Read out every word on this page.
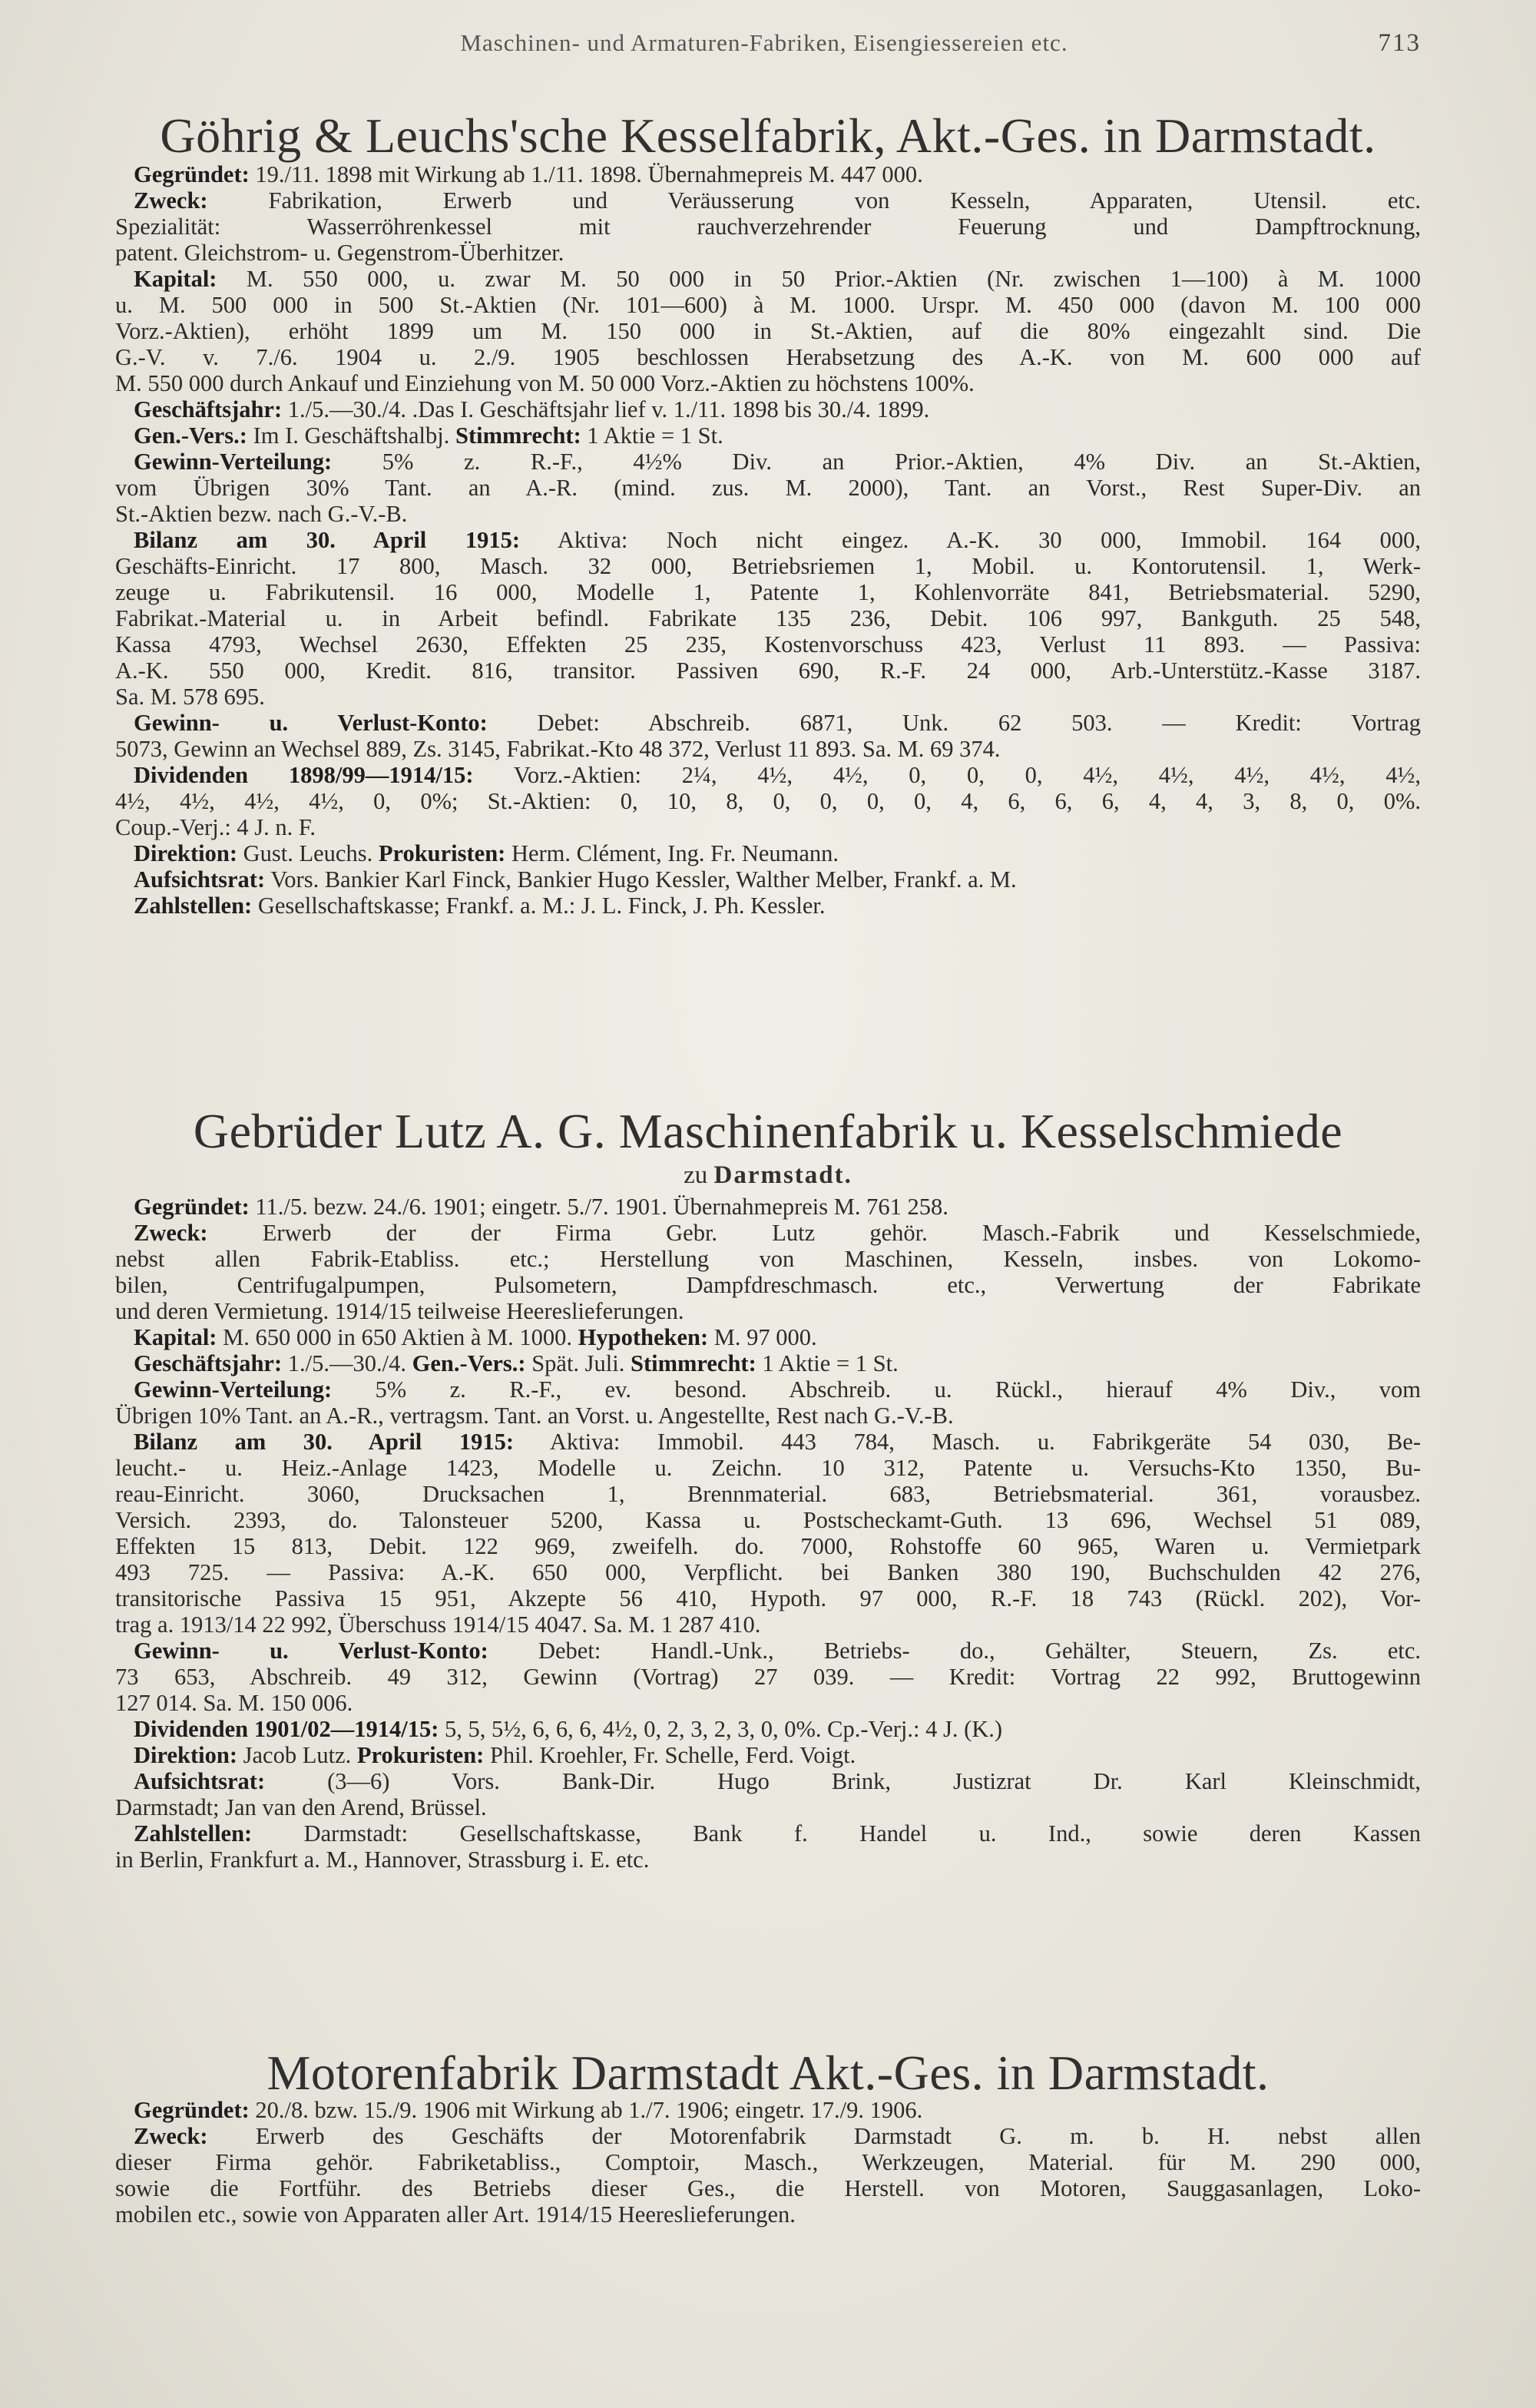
Maschinen- und Armaturen-Fabriken, Eisengiessereien etc.	713
Göhrig & Leuchs'sche Kesselfabrik, Akt.-Ges. in Darmstadt.
Gegründet: 19./11. 1898 mit Wirkung ab 1./11. 1898. Übernahmepreis M. 447 000.
Zweck: Fabrikation, Erwerb und Veräusserung von Kesseln, Apparaten, Utensil. etc.
Spezialität: Wasserröhrenkessel mit rauchverzehrender Feuerung und Dampftrocknung,
patent. Gleichstrom- u. Gegenstrom-Überhitzer.
Kapital: M. 550 000, u. zwar M. 50 000 in 50 Prior.-Aktien (Nr. zwischen 1—100) à M. 1000
u. M. 500 000 in 500 St.-Aktien (Nr. 101—600) à M. 1000. Urspr. M. 450 000 (davon M. 100 000
Vorz.-Aktien), erhöht 1899 um M. 150 000 in St.-Aktien, auf die 80% eingezahlt sind. Die
G.-V. v. 7./6. 1904 u. 2./9. 1905 beschlossen Herabsetzung des A.-K. von M. 600 000 auf
M. 550 000 durch Ankauf und Einziehung von M. 50 000 Vorz.-Aktien zu höchstens 100%.
Geschäftsjahr: 1./5.—30./4. .Das I. Geschäftsjahr lief v. 1./11. 1898 bis 30./4. 1899.
Gen.-Vers.: Im I. Geschäftshalbj. Stimmrecht: 1 Aktie = 1 St.
Gewinn-Verteilung: 5% z. R.-F., 4½% Div. an Prior.-Aktien, 4% Div. an St.-Aktien,
vom Übrigen 30% Tant. an A.-R. (mind. zus. M. 2000), Tant. an Vorst., Rest Super-Div. an
St.-Aktien bezw. nach G.-V.-B.
Bilanz am 30. April 1915: Aktiva: Noch nicht eingez. A.-K. 30 000, Immobil. 164 000,
Geschäfts-Einricht. 17 800, Masch. 32 000, Betriebsriemen 1, Mobil. u. Kontorutensil. 1, Werk-
zeuge u. Fabrikutensil. 16 000, Modelle 1, Patente 1, Kohlenvorräte 841, Betriebsmaterial. 5290,
Fabrikat.-Material u. in Arbeit befindl. Fabrikate 135 236, Debit. 106 997, Bankguth. 25 548,
Kassa 4793, Wechsel 2630, Effekten 25 235, Kostenvorschuss 423, Verlust 11 893. — Passiva:
A.-K. 550 000, Kredit. 816, transitor. Passiven 690, R.-F. 24 000, Arb.-Unterstütz.-Kasse 3187.
Sa. M. 578 695.
Gewinn- u. Verlust-Konto: Debet: Abschreib. 6871, Unk. 62 503. — Kredit: Vortrag
5073, Gewinn an Wechsel 889, Zs. 3145, Fabrikat.-Kto 48 372, Verlust 11 893. Sa. M. 69 374.
Dividenden 1898/99—1914/15: Vorz.-Aktien: 2¼, 4½, 4½, 0, 0, 0, 4½, 4½, 4½, 4½, 4½,
4½, 4½, 4½, 4½, 0, 0%; St.-Aktien: 0, 10, 8, 0, 0, 0, 0, 4, 6, 6, 6, 4, 4, 3, 8, 0, 0%.
Coup.-Verj.: 4 J. n. F.
Direktion: Gust. Leuchs. Prokuristen: Herm. Clément, Ing. Fr. Neumann.
Aufsichtsrat: Vors. Bankier Karl Finck, Bankier Hugo Kessler, Walther Melber, Frankf. a. M.
Zahlstellen: Gesellschaftskasse; Frankf. a. M.: J. L. Finck, J. Ph. Kessler.
Gebrüder Lutz A. G. Maschinenfabrik u. Kesselschmiede
zu Darmstadt.
Gegründet: 11./5. bezw. 24./6. 1901; eingetr. 5./7. 1901. Übernahmepreis M. 761 258.
Zweck: Erwerb der der Firma Gebr. Lutz gehör. Masch.-Fabrik und Kesselschmiede,
nebst allen Fabrik-Etabliss. etc.; Herstellung von Maschinen, Kesseln, insbes. von Lokomo-
bilen, Centrifugalpumpen, Pulsometern, Dampfdreschmasch. etc., Verwertung der Fabrikate
und deren Vermietung. 1914/15 teilweise Heereslieferungen.
Kapital: M. 650 000 in 650 Aktien à M. 1000. Hypotheken: M. 97 000.
Geschäftsjahr: 1./5.—30./4. Gen.-Vers.: Spät. Juli. Stimmrecht: 1 Aktie = 1 St.
Gewinn-Verteilung: 5% z. R.-F., ev. besond. Abschreib. u. Rückl., hierauf 4% Div., vom
Übrigen 10% Tant. an A.-R., vertragsm. Tant. an Vorst. u. Angestellte, Rest nach G.-V.-B.
Bilanz am 30. April 1915: Aktiva: Immobil. 443 784, Masch. u. Fabrikgeräte 54 030, Be-
leucht.- u. Heiz.-Anlage 1423, Modelle u. Zeichn. 10 312, Patente u. Versuchs-Kto 1350, Bu-
reau-Einricht. 3060, Drucksachen 1, Brennmaterial. 683, Betriebsmaterial. 361, vorausbez.
Versich. 2393, do. Talonsteuer 5200, Kassa u. Postscheckamt-Guth. 13 696, Wechsel 51 089,
Effekten 15 813, Debit. 122 969, zweifelh. do. 7000, Rohstoffe 60 965, Waren u. Vermietpark
493 725. — Passiva: A.-K. 650 000, Verpflicht. bei Banken 380 190, Buchschulden 42 276,
transitorische Passiva 15 951, Akzepte 56 410, Hypoth. 97 000, R.-F. 18 743 (Rückl. 202), Vor-
trag a. 1913/14 22 992, Überschuss 1914/15 4047. Sa. M. 1 287 410.
Gewinn- u. Verlust-Konto: Debet: Handl.-Unk., Betriebs- do., Gehälter, Steuern, Zs. etc.
73 653, Abschreib. 49 312, Gewinn (Vortrag) 27 039. — Kredit: Vortrag 22 992, Bruttogewinn
127 014. Sa. M. 150 006.
Dividenden 1901/02—1914/15: 5, 5, 5½, 6, 6, 6, 4½, 0, 2, 3, 2, 3, 0, 0%. Cp.-Verj.: 4 J. (K.)
Direktion: Jacob Lutz. Prokuristen: Phil. Kroehler, Fr. Schelle, Ferd. Voigt.
Aufsichtsrat: (3—6) Vors. Bank-Dir. Hugo Brink, Justizrat Dr. Karl Kleinschmidt,
Darmstadt; Jan van den Arend, Brüssel.
Zahlstellen: Darmstadt: Gesellschaftskasse, Bank f. Handel u. Ind., sowie deren Kassen
in Berlin, Frankfurt a. M., Hannover, Strassburg i. E. etc.
Motorenfabrik Darmstadt Akt.-Ges. in Darmstadt.
Gegründet: 20./8. bzw. 15./9. 1906 mit Wirkung ab 1./7. 1906; eingetr. 17./9. 1906.
Zweck: Erwerb des Geschäfts der Motorenfabrik Darmstadt G. m. b. H. nebst allen
dieser Firma gehör. Fabriketabliss., Comptoir, Masch., Werkzeugen, Material. für M. 290 000,
sowie die Fortführ. des Betriebs dieser Ges., die Herstell. von Motoren, Sauggasanlagen, Loko-
mobilen etc., sowie von Apparaten aller Art. 1914/15 Heereslieferungen.
